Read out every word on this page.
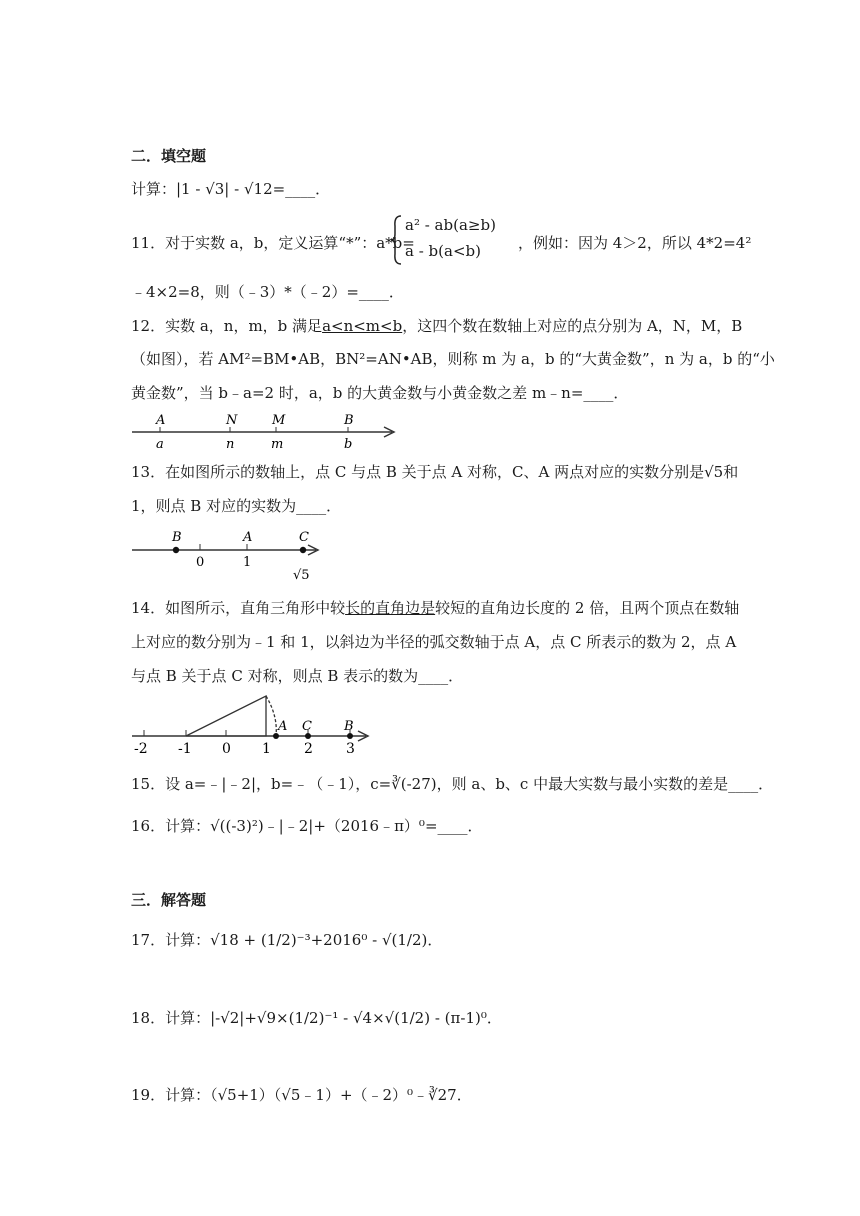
二．填空题
计算：|1 - √3| - √12=____．
11．对于实数 a，b，定义运算“*”：a*b=
a² - ab(a≥b)
a - b(a<b) ，例如：因为 4＞2，所以 4*2=4²
﹣4×2=8，则（﹣3）*（﹣2）=____．
12．实数 a，n，m，b 满足a<n<m<b，这四个数在数轴上对应的点分别为 A，N，M，B
（如图），若 AM²=BM•AB，BN²=AN•AB，则称 m 为 a，b 的“大黄金数”，n 为 a，b 的“小
黄金数”，当 b﹣a=2 时，a，b 的大黄金数与小黄金数之差 m﹣n=____．
A	N	M	B
a	n	m	b
13．在如图所示的数轴上，点 C 与点 B 关于点 A 对称，C、A 两点对应的实数分别是√5和
1，则点 B 对应的实数为____．
B	A	C
0	1
√5
14．如图所示，直角三角形中较长的直角边是较短的直角边长度的 2 倍，且两个顶点在数轴
上对应的数分别为﹣1 和 1，以斜边为半径的弧交数轴于点 A，点 C 所表示的数为 2，点 A
与点 B 关于点 C 对称，则点 B 表示的数为____．
A C B
-2 -1 0 1 2 3
15．设 a=﹣|﹣2|，b=﹣（﹣1），c=∛(-27)，则 a、b、c 中最大实数与最小实数的差是____．
16．计算：√((-3)²)﹣|﹣2|+（2016﹣π）⁰=____．
三．解答题
17．计算：√18 + (1/2)⁻³+2016⁰ - √(1/2)．
18．计算：|-√2|+√9×(1/2)⁻¹ - √4×√(1/2) - (π-1)⁰．
19．计算：（√5+1）（√5﹣1）+（﹣2）⁰﹣∛27．
